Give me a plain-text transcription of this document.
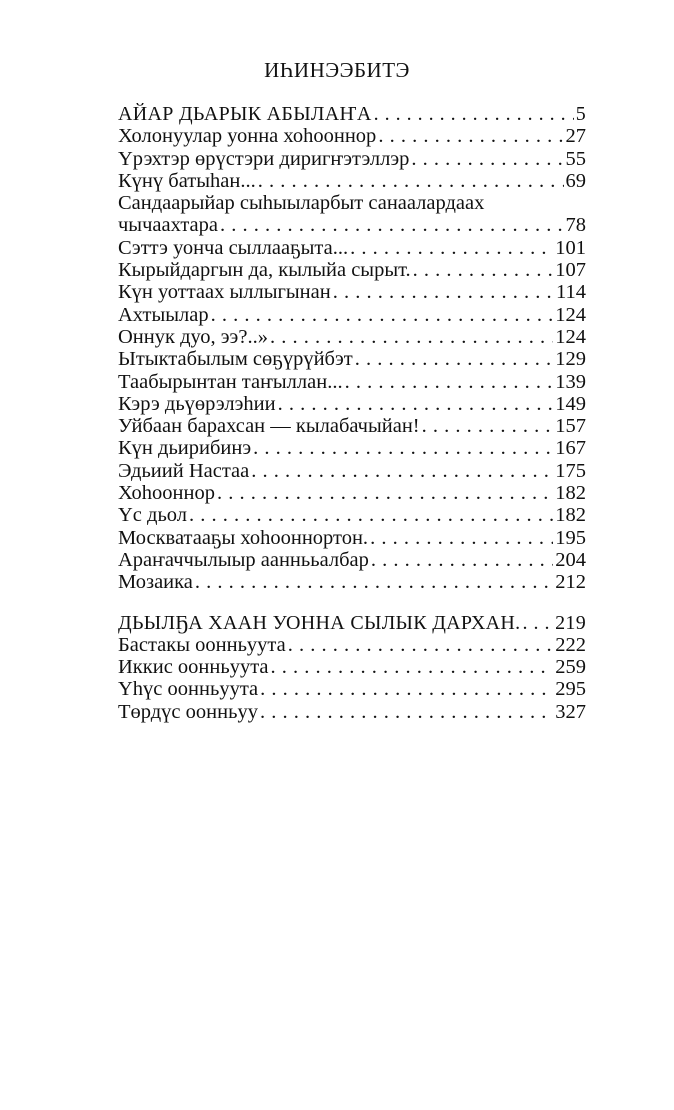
ИҺИНЭЭБИТЭ
АЙАР ДЬАРЫК АБЫЛАҤА . . .	5
Холонуулар уонна хоһооннор . . .	27
Үрэхтэр өрүстэри диригҥэтэллэр . . .	55
Күнү батыһан... . . .	69
Сандаарыйар сыһыыларбыт санаалардаах
чычаахтара . . .	78
Сэттэ уонча сыллааҕыта... . . .	101
Кырыйдаргын да, кылыйа сырыт. . . .	107
Күн уоттаах ыллыгынан . . .	114
Ахтыылар . . .	124
Оннук дуо, ээ?..» . . .	124
Ытыктабылым сөҕүрүйбэт . . .	129
Таабырынтан таҥыллан... . . .	139
Кэрэ дьүөрэлэһии . . .	149
Уйбаан барахсан — кылабачыйан! . . .	157
Күн дьирибинэ . . .	167
Эдьиий Настаа . . .	175
Хоһооннор . . .	182
Үс дьол . . .	182
Москватааҕы хоһооннортон. . . .	195
Араҥаччылыыр ааннььалбар . . .	204
Мозаика . . .	212
ДЬЫЛҔА ХААН УОННА СЫЛЫК ДАРХАН. . . . 219
Бастакы оонньуута . . .	222
Иккис оонньуута . . .	259
Үһүс оонньуута . . .	295
Төрдүс оонньуу . . .	327
